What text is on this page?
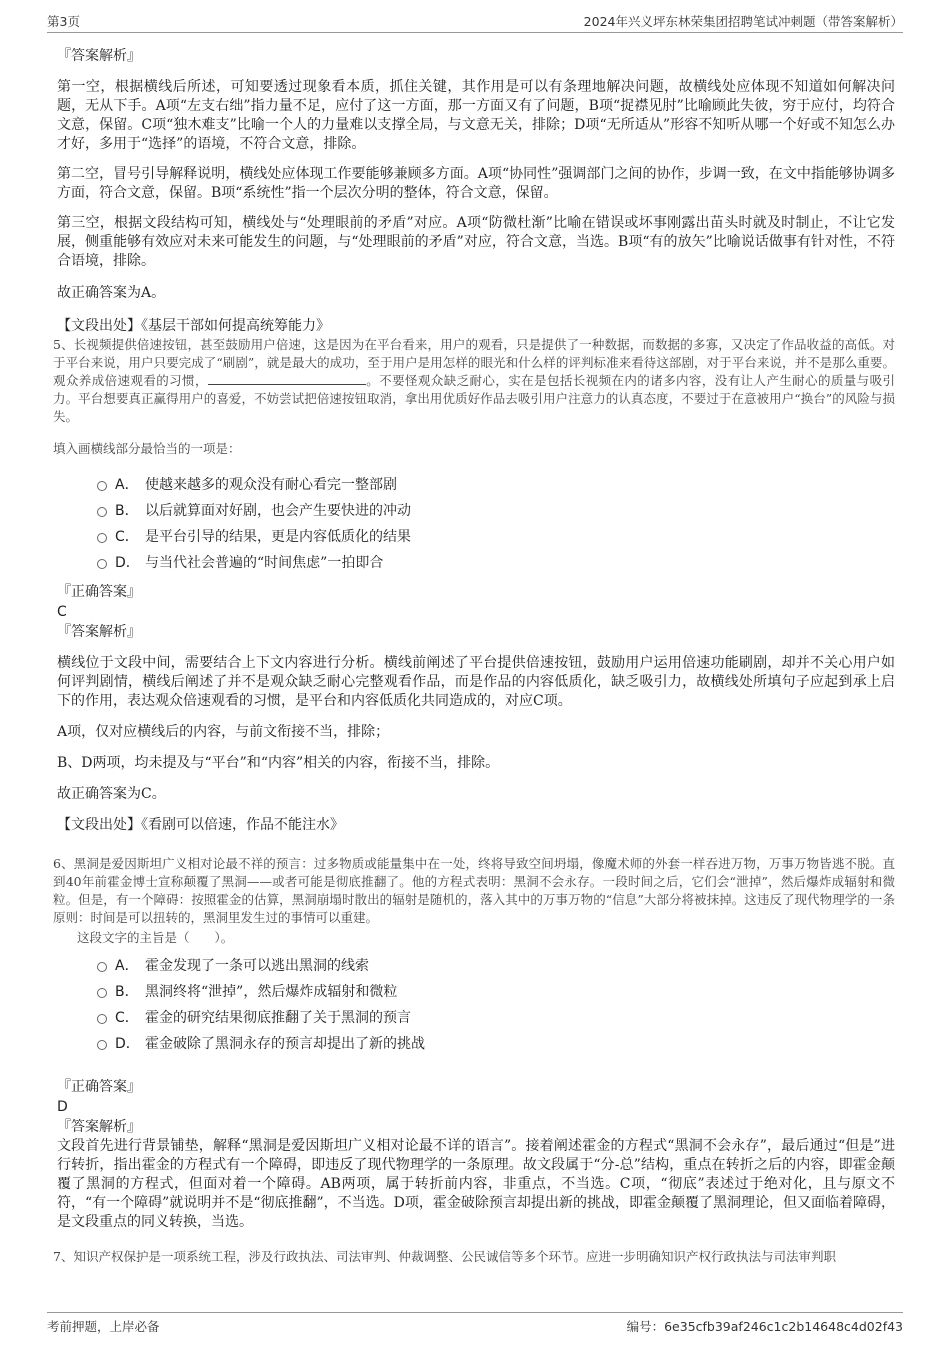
第3页	2024年兴义坪东林荣集团招聘笔试冲刺题（带答案解析）

『答案解析』

第一空，根据横线后所述，可知要透过现象看本质，抓住关键，其作用是可以有条理地解决问题，故横线处应体现不知道如何解决问题，无从下手。A项“左支右绌”指力量不足，应付了这一方面，那一方面又有了问题，B项“捉襟见肘”比喻顾此失彼，穷于应付，均符合文意，保留。C项“独木难支”比喻一个人的力量难以支撑全局，与文意无关，排除；D项“无所适从”形容不知听从哪一个好或不知怎么办才好，多用于“选择”的语境，不符合文意，排除。

第二空，冒号引导解释说明，横线处应体现工作要能够兼顾多方面。A项“协同性”强调部门之间的协作，步调一致，在文中指能够协调多方面，符合文意，保留。B项“系统性”指一个层次分明的整体，符合文意，保留。

第三空，根据文段结构可知，横线处与“处理眼前的矛盾”对应。A项“防微杜渐”比喻在错误或坏事刚露出苗头时就及时制止，不让它发展，侧重能够有效应对未来可能发生的问题，与“处理眼前的矛盾”对应，符合文意，当选。B项“有的放矢”比喻说话做事有针对性，不符合语境，排除。

故正确答案为A。

【文段出处】《基层干部如何提高统筹能力》

5、长视频提供倍速按钮，甚至鼓励用户倍速，这是因为在平台看来，用户的观看，只是提供了一种数据，而数据的多寡，又决定了作品收益的高低。对于平台来说，用户只要完成了“刷剧”，就是最大的成功，至于用户是用怎样的眼光和什么样的评判标准来看待这部剧，对于平台来说，并不是那么重要。观众养成倍速观看的习惯，	。不要怪观众缺乏耐心，实在是包括长视频在内的诸多内容，没有让人产生耐心的质量与吸引力。平台想要真正赢得用户的喜爱，不妨尝试把倍速按钮取消，拿出用优质好作品去吸引用户注意力的认真态度，不要过于在意被用户“换台”的风险与损失。

填入画横线部分最恰当的一项是：

A． 使越来越多的观众没有耐心看完一整部剧
B． 以后就算面对好剧，也会产生要快进的冲动
C． 是平台引导的结果，更是内容低质化的结果
D． 与当代社会普遍的“时间焦虑”一拍即合

『正确答案』

C

『答案解析』

横线位于文段中间，需要结合上下文内容进行分析。横线前阐述了平台提供倍速按钮，鼓励用户运用倍速功能刷剧，却并不关心用户如何评判剧情，横线后阐述了并不是观众缺乏耐心完整观看作品，而是作品的内容低质化，缺乏吸引力，故横线处所填句子应起到承上启下的作用，表达观众倍速观看的习惯，是平台和内容低质化共同造成的，对应C项。

A项，仅对应横线后的内容，与前文衔接不当，排除；

B、D两项，均未提及与“平台”和“内容”相关的内容，衔接不当，排除。

故正确答案为C。

【文段出处】《看剧可以倍速，作品不能注水》

6、黑洞是爱因斯坦广义相对论最不祥的预言：过多物质或能量集中在一处，终将导致空间坍塌，像魔术师的外套一样吞进万物，万事万物皆逃不脱。直到40年前霍金博士宣称颠覆了黑洞——或者可能是彻底推翻了。他的方程式表明：黑洞不会永存。一段时间之后，它们会“泄掉”，然后爆炸成辐射和微粒。但是，有一个障碍：按照霍金的估算，黑洞崩塌时散出的辐射是随机的，落入其中的万事万物的“信息”大部分将被抹掉。这违反了现代物理学的一条原则：时间是可以扭转的，黑洞里发生过的事情可以重建。

这段文字的主旨是（　　）。

A． 霍金发现了一条可以逃出黑洞的线索
B． 黑洞终将“泄掉”，然后爆炸成辐射和微粒
C． 霍金的研究结果彻底推翻了关于黑洞的预言
D． 霍金破除了黑洞永存的预言却提出了新的挑战

『正确答案』

D

『答案解析』

文段首先进行背景铺垫，解释“黑洞是爱因斯坦广义相对论最不详的语言”。接着阐述霍金的方程式“黑洞不会永存”，最后通过“但是”进行转折，指出霍金的方程式有一个障碍，即违反了现代物理学的一条原理。故文段属于“分-总”结构，重点在转折之后的内容，即霍金颠覆了黑洞的方程式，但面对着一个障碍。AB两项，属于转折前内容，非重点，不当选。C项，“彻底”表述过于绝对化，且与原文不符，“有一个障碍”就说明并不是“彻底推翻”，不当选。D项，霍金破除预言却提出新的挑战，即霍金颠覆了黑洞理论，但又面临着障碍，是文段重点的同义转换，当选。

7、知识产权保护是一项系统工程，涉及行政执法、司法审判、仲裁调整、公民诚信等多个环节。应进一步明确知识产权行政执法与司法审判职

考前押题，上岸必备	编号：6e35cfb39af246c1c2b14648c4d02f43
